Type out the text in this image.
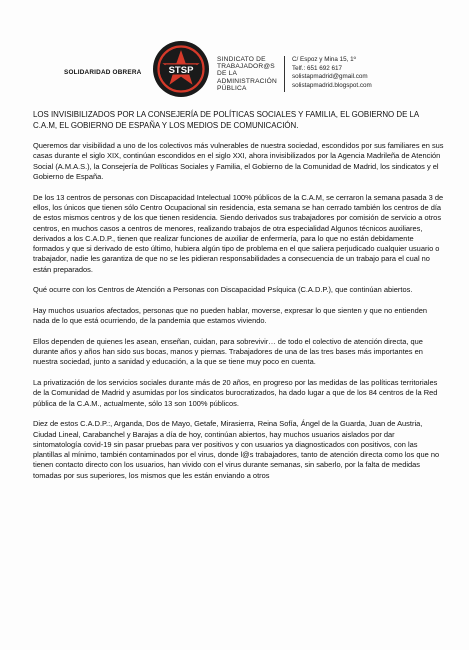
SOLIDARIDAD OBRERA	STSP
SINDICATO DE
TRABAJADOR@S
DE LA
ADMINISTRACIÓN
PÚBLICA
C/ Espoz y Mina 15, 1º
Telf.: 651 692 617
solistapmadrid@gmail.com
solistapmadrid.blogspot.com

LOS INVISIBILIZADOS POR LA CONSEJERÍA DE POLÍTICAS SOCIALES Y FAMILIA, EL GOBIERNO DE LA C.A.M, EL GOBIERNO DE ESPAÑA Y LOS MEDIOS DE COMUNICACIÓN.

Queremos dar visibilidad a uno de los colectivos más vulnerables de nuestra sociedad, escondidos por sus familiares en sus casas durante el siglo XIX, continúan escondidos en el siglo XXI, ahora invisibilizados por la Agencia Madrileña de Atención Social (A.M.A.S.), la Consejería de Políticas Sociales y Familia, el Gobierno de la Comunidad de Madrid, los sindicatos y el Gobierno de España.

De los 13 centros de personas con Discapacidad Intelectual 100% públicos de la C.A.M, se cerraron la semana pasada 3 de ellos, los únicos que tienen sólo Centro Ocupacional sin residencia, esta semana se han cerrado también los centros de día de estos mismos centros y de los que tienen residencia. Siendo derivados sus trabajadores por comisión de servicio a otros centros, en muchos casos a centros de menores, realizando trabajos de otra especialidad Algunos técnicos auxiliares, derivados a los C.A.D.P., tienen que realizar funciones de auxiliar de enfermería, para lo que no están debidamente formados y que si derivado de esto último, hubiera algún tipo de problema en el que saliera perjudicado cualquier usuario o trabajador, nadie les garantiza de que no se les pidieran responsabilidades a consecuencia de un trabajo para el cual no están preparados.

Qué ocurre con los Centros de Atención a Personas con Discapacidad Psíquica (C.A.D.P.), que continúan abiertos.

Hay muchos usuarios afectados, personas que no pueden hablar, moverse, expresar lo que sienten y que no entienden nada de lo que está ocurriendo, de la pandemia que estamos viviendo.

Ellos dependen de quienes les asean, enseñan, cuidan, para sobrevivir… de todo el colectivo de atención directa, que durante años y años han sido sus bocas, manos y piernas. Trabajadores de una de las tres bases más importantes en nuestra sociedad, junto a sanidad y educación, a la que se tiene muy poco en cuenta.

La privatización de los servicios sociales durante más de 20 años, en progreso por las medidas de las políticas territoriales de la Comunidad de Madrid y asumidas por los sindicatos burocratizados, ha dado lugar a que de los 84 centros de la Red pública de la C.A.M., actualmente, sólo 13 son 100% públicos.

Diez de estos C.A.D.P.:, Arganda, Dos de Mayo, Getafe, Mirasierra, Reina Sofía, Ángel de la Guarda, Juan de Austria, Ciudad Lineal, Carabanchel y Barajas a día de hoy, continúan abiertos, hay muchos usuarios aislados por dar sintomatología covid-19 sin pasar pruebas para ver positivos y con usuarios ya diagnosticados con positivos, con las plantillas al mínimo, también contaminados por el virus, donde l@s trabajadores, tanto de atención directa como los que no tienen contacto directo con los usuarios, han vivido con el virus durante semanas, sin saberlo, por la falta de medidas tomadas por sus superiores, los mismos que les están enviando a otros
